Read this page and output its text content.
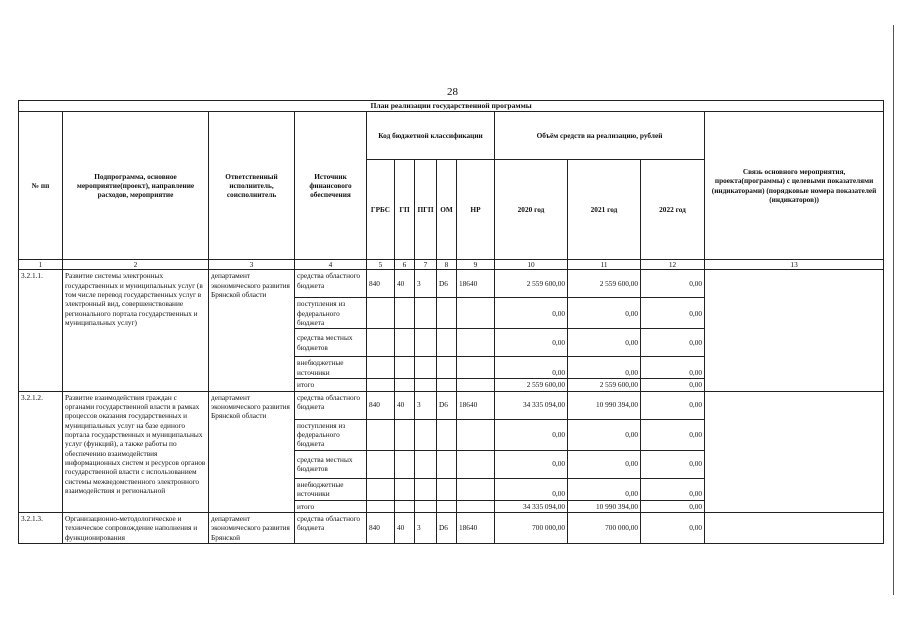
28
План реализации государственной программы												
№ пп	Подпрограмма, основное мероприятие(проект), направление расходов, мероприятие	Ответственный исполнитель, соисполнитель	Источник финансового обеспечения	Код бюджетной классификации					Объём средств на реализацию, рублей			Связь основного мероприятия, проекта(программы) с целевыми показателями (индикаторами) (порядковые номера показателей (индикаторов))
				ГРБС	ГП	ПГП	ОМ	НР	2020 год	2021 год	2022 год	
1	2	3	4	5	6	7	8	9	10	11	12	13
3.2.1.1.	Развитие системы электронных государственных и муниципальных услуг (в том числе перевод государственных услуг в электронный вид, совершенствование регионального портала государственных и муниципальных услуг)	департамент экономического развития Брянской области	средства областного бюджета	840	40	3	D6	18640	2 559 600,00	2 559 600,00	0,00	
			поступления из федерального бюджета						0,00	0,00	0,00	
			средства местных бюджетов						0,00	0,00	0,00	
			внебюджетные источники						0,00	0,00	0,00	
			итого						2 559 600,00	2 559 600,00	0,00	
3.2.1.2.	Развитие взаимодействия граждан с органами государственной власти в рамках процессов оказания государственных и муниципальных услуг на базе единого портала государственных и муниципальных услуг (функций), а также работы по обеспечению взаимодействия информационных систем и ресурсов органов государственной власти с использованием системы межведомственного электронного взаимодействия и региональной	департамент экономического развития Брянской области	средства областного бюджета	840	40	3	D6	18640	34 335 094,00	10 990 394,00	0,00	
			поступления из федерального бюджета						0,00	0,00	0,00	
			средства местных бюджетов						0,00	0,00	0,00	
			внебюджетные источники						0,00	0,00	0,00	
			итого						34 335 094,00	10 990 394,00	0,00	
3.2.1.3.	Организационно-методологическое и техническое сопровождение наполнения и функционирования	департамент экономического развития Брянской	средства областного бюджета	840	40	3	D6	18640	700 000,00	700 000,00	0,00	
